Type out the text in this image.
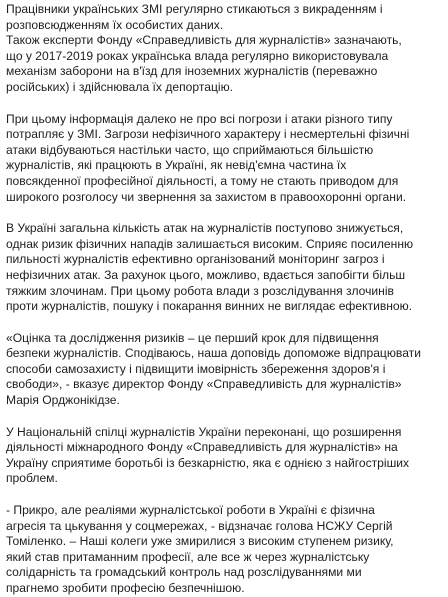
Працівники українських ЗМІ регулярно стикаються з викраденням і
розповсюдженням їх особистих даних.
Також експерти Фонду «Справедливість для журналістів» зазначають,
що у 2017-2019 роках українська влада регулярно використовувала
механізм заборони на в'їзд для іноземних журналістів (переважно
російських) і здійснювала їх депортацію.

При цьому інформація далеко не про всі погрози і атаки різного типу
потрапляє у ЗМІ. Загрози нефізичного характеру і несмертельні фізичні
атаки відбуваються настільки часто, що сприймаються більшістю
журналістів, які працюють в Україні, як невід'ємна частина їх
повсякденної професійної діяльності, а тому не стають приводом для
широкого розголосу чи звернення за захистом в правоохоронні органи.

В Україні загальна кількість атак на журналістів поступово знижується,
однак ризик фізичних нападів залишається високим. Сприяє посиленню
пильності журналістів ефективно організований моніторинг загроз і
нефізичних атак. За рахунок цього, можливо, вдається запобігти більш
тяжким злочинам. При цьому робота влади з розслідування злочинів
проти журналістів, пошуку і покарання винних не виглядає ефективною.

«Оцінка та дослідження ризиків – це перший крок для підвищення
безпеки журналістів. Сподіваюсь, наша доповідь допоможе відпрацювати
способи самозахисту і підвищити імовірність збереження здоров'я і
свободи», - вказує директор Фонду «Справедливість для журналістів»
Марія Орджонікідзе.

У Національній спілці журналістів України переконані, що розширення
діяльності міжнародного Фонду «Справедливість для журналістів» на
Україну сприятиме боротьбі із безкарністю, яка є однією з найгостріших
проблем.

- Прикро, але реаліями журналістської роботи в Україні є фізична
агресія та цькування у соцмережах, - відзначає голова НСЖУ Сергій
Томіленко. – Наші колеги уже змирилися з високим ступенем ризику,
який став притаманним професії, але все ж через журналістську
солідарність та громадський контроль над розслідуваннями ми
прагнемо зробити професію безпечнішою.
